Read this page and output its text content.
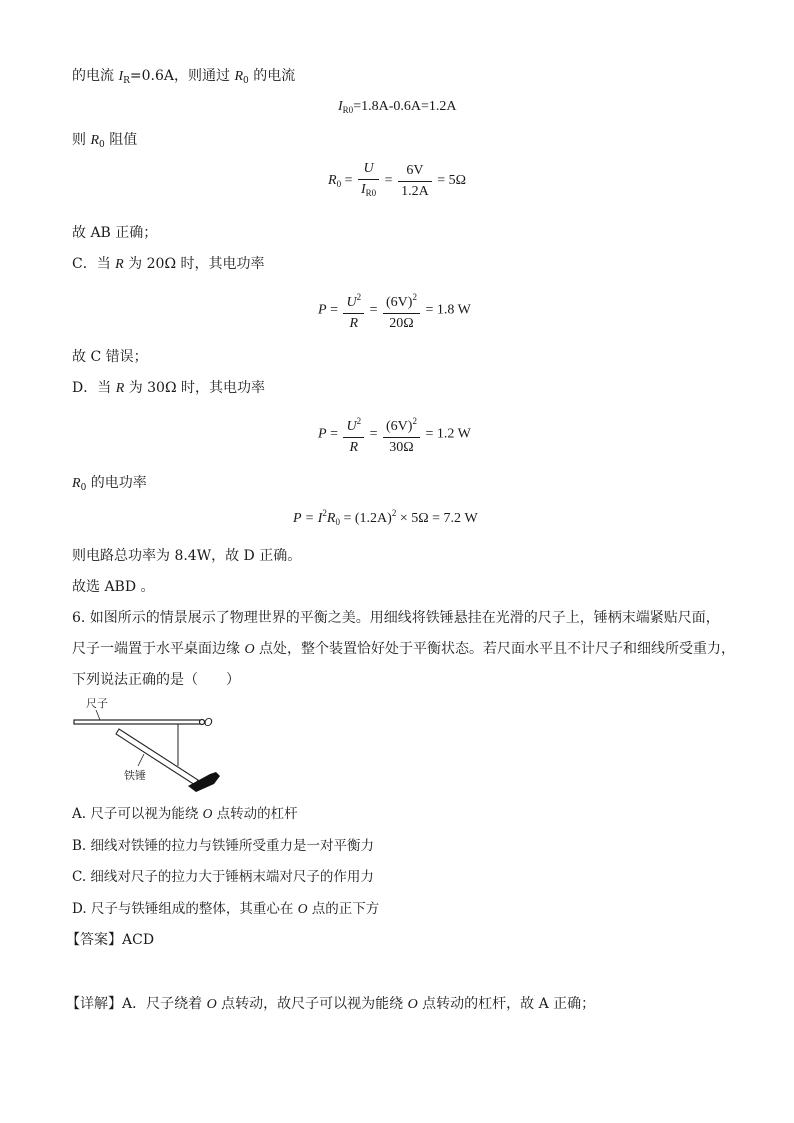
的电流 $I_R=0.6A$，则通过 $R_0$ 的电流
$I_{R0}=1.8A-0.6A=1.2A$
则 $R_0$ 阻值
$R_0 = \frac{U}{I_{R0}} = \frac{6V}{1.2A} = 5\Omega$
故 AB 正确；
C．当 R 为 20Ω 时，其电功率
$P = \frac{U^2}{R} = \frac{(6V)^2}{20\Omega} = 1.8$ W
故 C 错误；
D．当 R 为 30Ω 时，其电功率
$P = \frac{U^2}{R} = \frac{(6V)^2}{30\Omega} = 1.2$ W
$R_0$ 的电功率
$P = I^2R_0 = (1.2A)^2 \times 5\Omega = 7.2$ W
则电路总功率为 8.4W，故 D 正确。
故选 ABD 。
6. 如图所示的情景展示了物理世界的平衡之美。用细线将铁锤悬挂在光滑的尺子上，锤柄末端紧贴尺面，
尺子一端置于水平桌面边缘 O 点处，整个装置恰好处于平衡状态。若尺面水平且不计尺子和细线所受重力，
下列说法正确的是（　　）
O
尺子
铁锤
A. 尺子可以视为能绕 O 点转动的杠杆
B. 细线对铁锤的拉力与铁锤所受重力是一对平衡力
C. 细线对尺子的拉力大于锤柄末端对尺子的作用力
D. 尺子与铁锤组成的整体，其重心在 O 点的正下方
【答案】ACD
【详解】A．尺子绕着 O 点转动，故尺子可以视为能绕 O 点转动的杠杆，故 A 正确；
